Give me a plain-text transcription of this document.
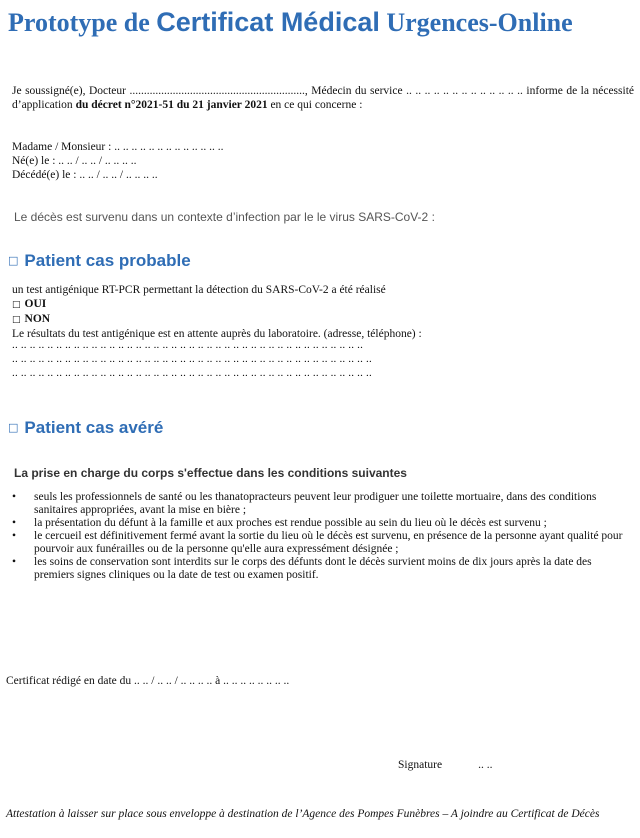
Prototype de Certificat Médical Urgences-Online
Je soussigné(e), Docteur ............................................................., Médecin du service .. .. .. .. .. .. .. .. .. .. .. .. .. informe de la nécessité d’application du décret n°2021-51 du 21 janvier 2021 en ce qui concerne :
Madame / Monsieur : .. .. .. .. .. .. .. .. .. .. .. .. ..
Né(e) le : .. .. / .. .. / .. .. .. ..
Décédé(e) le : .. .. / .. .. / .. .. .. ..
Le décès est survenu dans un contexte d’infection par le le virus SARS-CoV-2 :
□ Patient cas probable
un test antigénique RT-PCR permettant la détection du SARS-CoV-2 a été réalisé
□ OUI
□ NON
Le résultats du test antigénique est en attente auprès du laboratoire. (adresse, téléphone) :
.. .. .. .. .. .. .. .. .. .. .. .. .. .. .. .. .. .. .. .. .. .. .. .. .. .. .. .. .. .. .. .. .. .. .. .. .. .. .. ..
.. .. .. .. .. .. .. .. .. .. .. .. .. .. .. .. .. .. .. .. .. .. .. .. .. .. .. .. .. .. .. .. .. .. .. .. .. .. .. .. ..
.. .. .. .. .. .. .. .. .. .. .. .. .. .. .. .. .. .. .. .. .. .. .. .. .. .. .. .. .. .. .. .. .. .. .. .. .. .. .. .. ..
□ Patient cas avéré
La prise en charge du corps s'effectue dans les conditions suivantes
• seuls les professionnels de santé ou les thanatopracteurs peuvent leur prodiguer une toilette mortuaire, dans des conditions sanitaires appropriées, avant la mise en bière ;
• la présentation du défunt à la famille et aux proches est rendue possible au sein du lieu où le décès est survenu ;
• le cercueil est définitivement fermé avant la sortie du lieu où le décès est survenu, en présence de la personne ayant qualité pour pourvoir aux funérailles ou de la personne qu'elle aura expressément désignée ;
• les soins de conservation sont interdits sur le corps des défunts dont le décès survient moins de dix jours après la date des premiers signes cliniques ou la date de test ou examen positif.
Certificat rédigé en date du .. .. / .. .. / .. .. .. .. à .. .. .. .. .. .. .. ..
Signature	.. ..
Attestation à laisser sur place sous enveloppe à destination de l’Agence des Pompes Funèbres – A joindre au Certificat de Décès
